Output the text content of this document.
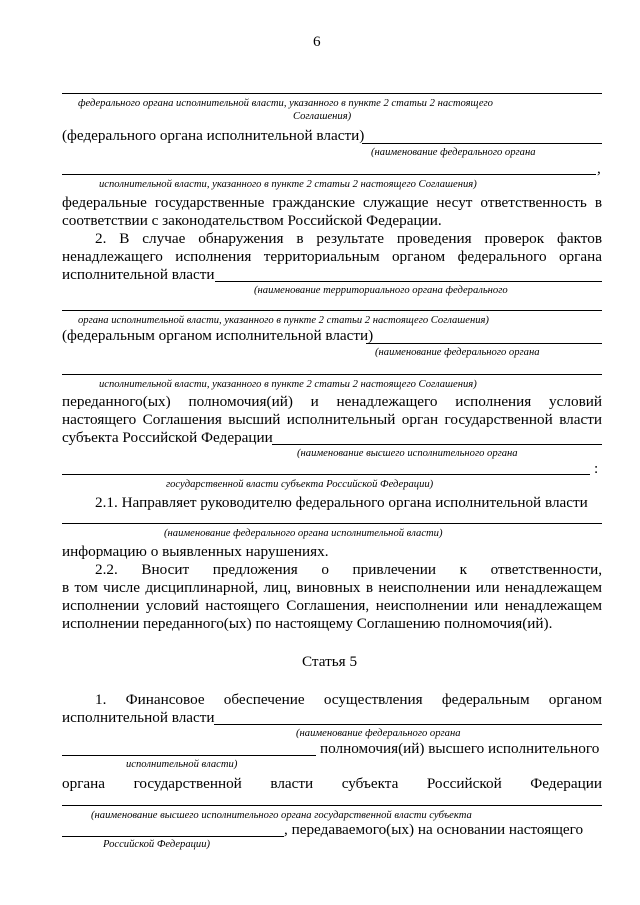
6
федерального органа исполнительной власти, указанного в пункте 2 статьи 2 настоящего
Соглашения)
(федерального органа исполнительной власти)
(наименование федерального органа
,
исполнительной власти, указанного в пункте 2 статьи 2 настоящего Соглашения)
федеральные государственные гражданские служащие несут ответственность в
соответствии с законодательством Российской Федерации.
2. В случае обнаружения в результате проведения проверок фактов
ненадлежащего исполнения территориальным органом федерального органа
исполнительной власти
(наименование территориального органа федерального
органа исполнительной власти, указанного в пункте 2 статьи 2 настоящего Соглашения)
(федеральным органом исполнительной власти)
(наименование федерального органа
исполнительной власти, указанного в пункте 2 статьи 2 настоящего Соглашения)
переданного(ых) полномочия(ий) и ненадлежащего исполнения условий
настоящего Соглашения высший исполнительный орган государственной власти
субъекта Российской Федерации
(наименование высшего исполнительного органа
:
государственной власти субъекта Российской Федерации)
2.1. Направляет руководителю федерального органа исполнительной власти
(наименование федерального органа исполнительной власти)
информацию о выявленных нарушениях.
2.2. Вносит предложения о привлечении к ответственности,
в том числе дисциплинарной, лиц, виновных в неисполнении или ненадлежащем
исполнении условий настоящего Соглашения, неисполнении или ненадлежащем
исполнении переданного(ых) по настоящему Соглашению полномочия(ий).
Статья 5
1. Финансовое обеспечение осуществления федеральным органом
исполнительной власти
(наименование федерального органа
полномочия(ий) высшего исполнительного
исполнительной власти)
органа государственной власти субъекта Российской Федерации
(наименование высшего исполнительного органа государственной власти субъекта
, передаваемого(ых) на основании настоящего
Российской Федерации)
